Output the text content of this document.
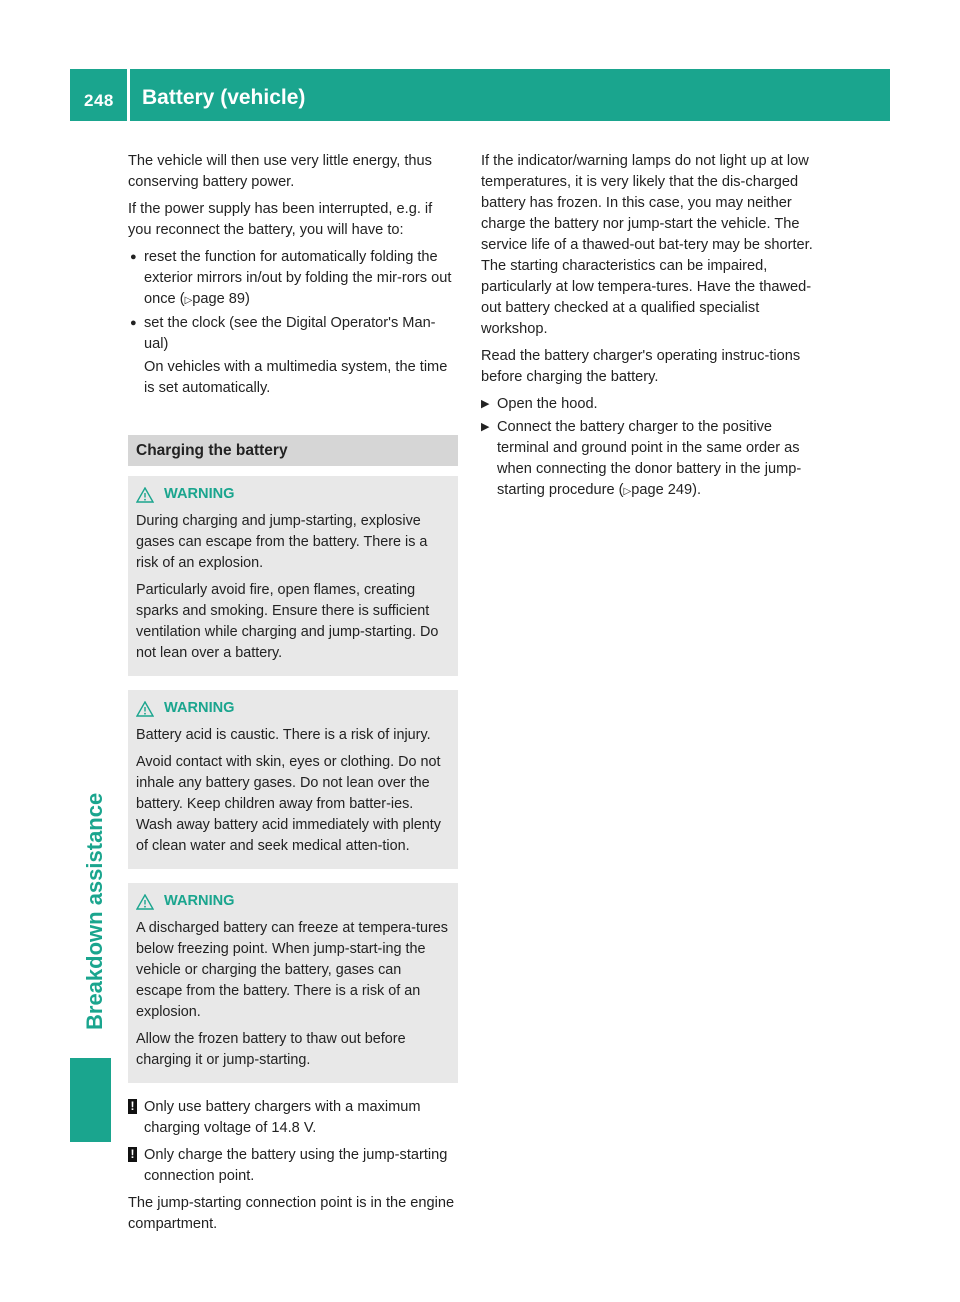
248 Battery (vehicle)
Breakdown assistance

The vehicle will then use very little energy, thus conserving battery power.

If the power supply has been interrupted, e.g. if you reconnect the battery, you will have to:

● reset the function for automatically folding the exterior mirrors in/out by folding the mir-rors out once (▷page 89)
● set the clock (see the Digital Operator's Man-ual)

On vehicles with a multimedia system, the time is set automatically.

Charging the battery
WARNING

During charging and jump-starting, explosive gases can escape from the battery. There is a risk of an explosion.

Particularly avoid fire, open flames, creating sparks and smoking. Ensure there is sufficient ventilation while charging and jump-starting. Do not lean over a battery.

WARNING

Battery acid is caustic. There is a risk of injury.

Avoid contact with skin, eyes or clothing. Do not inhale any battery gases. Do not lean over the battery. Keep children away from batter-ies. Wash away battery acid immediately with plenty of clean water and seek medical atten-tion.

WARNING

A discharged battery can freeze at tempera-tures below freezing point. When jump-start-ing the vehicle or charging the battery, gases can escape from the battery. There is a risk of an explosion.

Allow the frozen battery to thaw out before charging it or jump-starting.

! Only use battery chargers with a maximum charging voltage of 14.8 V.
! Only charge the battery using the jump-starting connection point.

The jump-starting connection point is in the engine compartment.

If the indicator/warning lamps do not light up at low temperatures, it is very likely that the dis-charged battery has frozen. In this case, you may neither charge the battery nor jump-start the vehicle. The service life of a thawed-out bat-tery may be shorter. The starting characteristics can be impaired, particularly at low tempera-tures. Have the thawed-out battery checked at a qualified specialist workshop.

Read the battery charger's operating instruc-tions before charging the battery.

▶ Open the hood.
▶ Connect the battery charger to the positive terminal and ground point in the same order as when connecting the donor battery in the jump-starting procedure (▷page 249).
